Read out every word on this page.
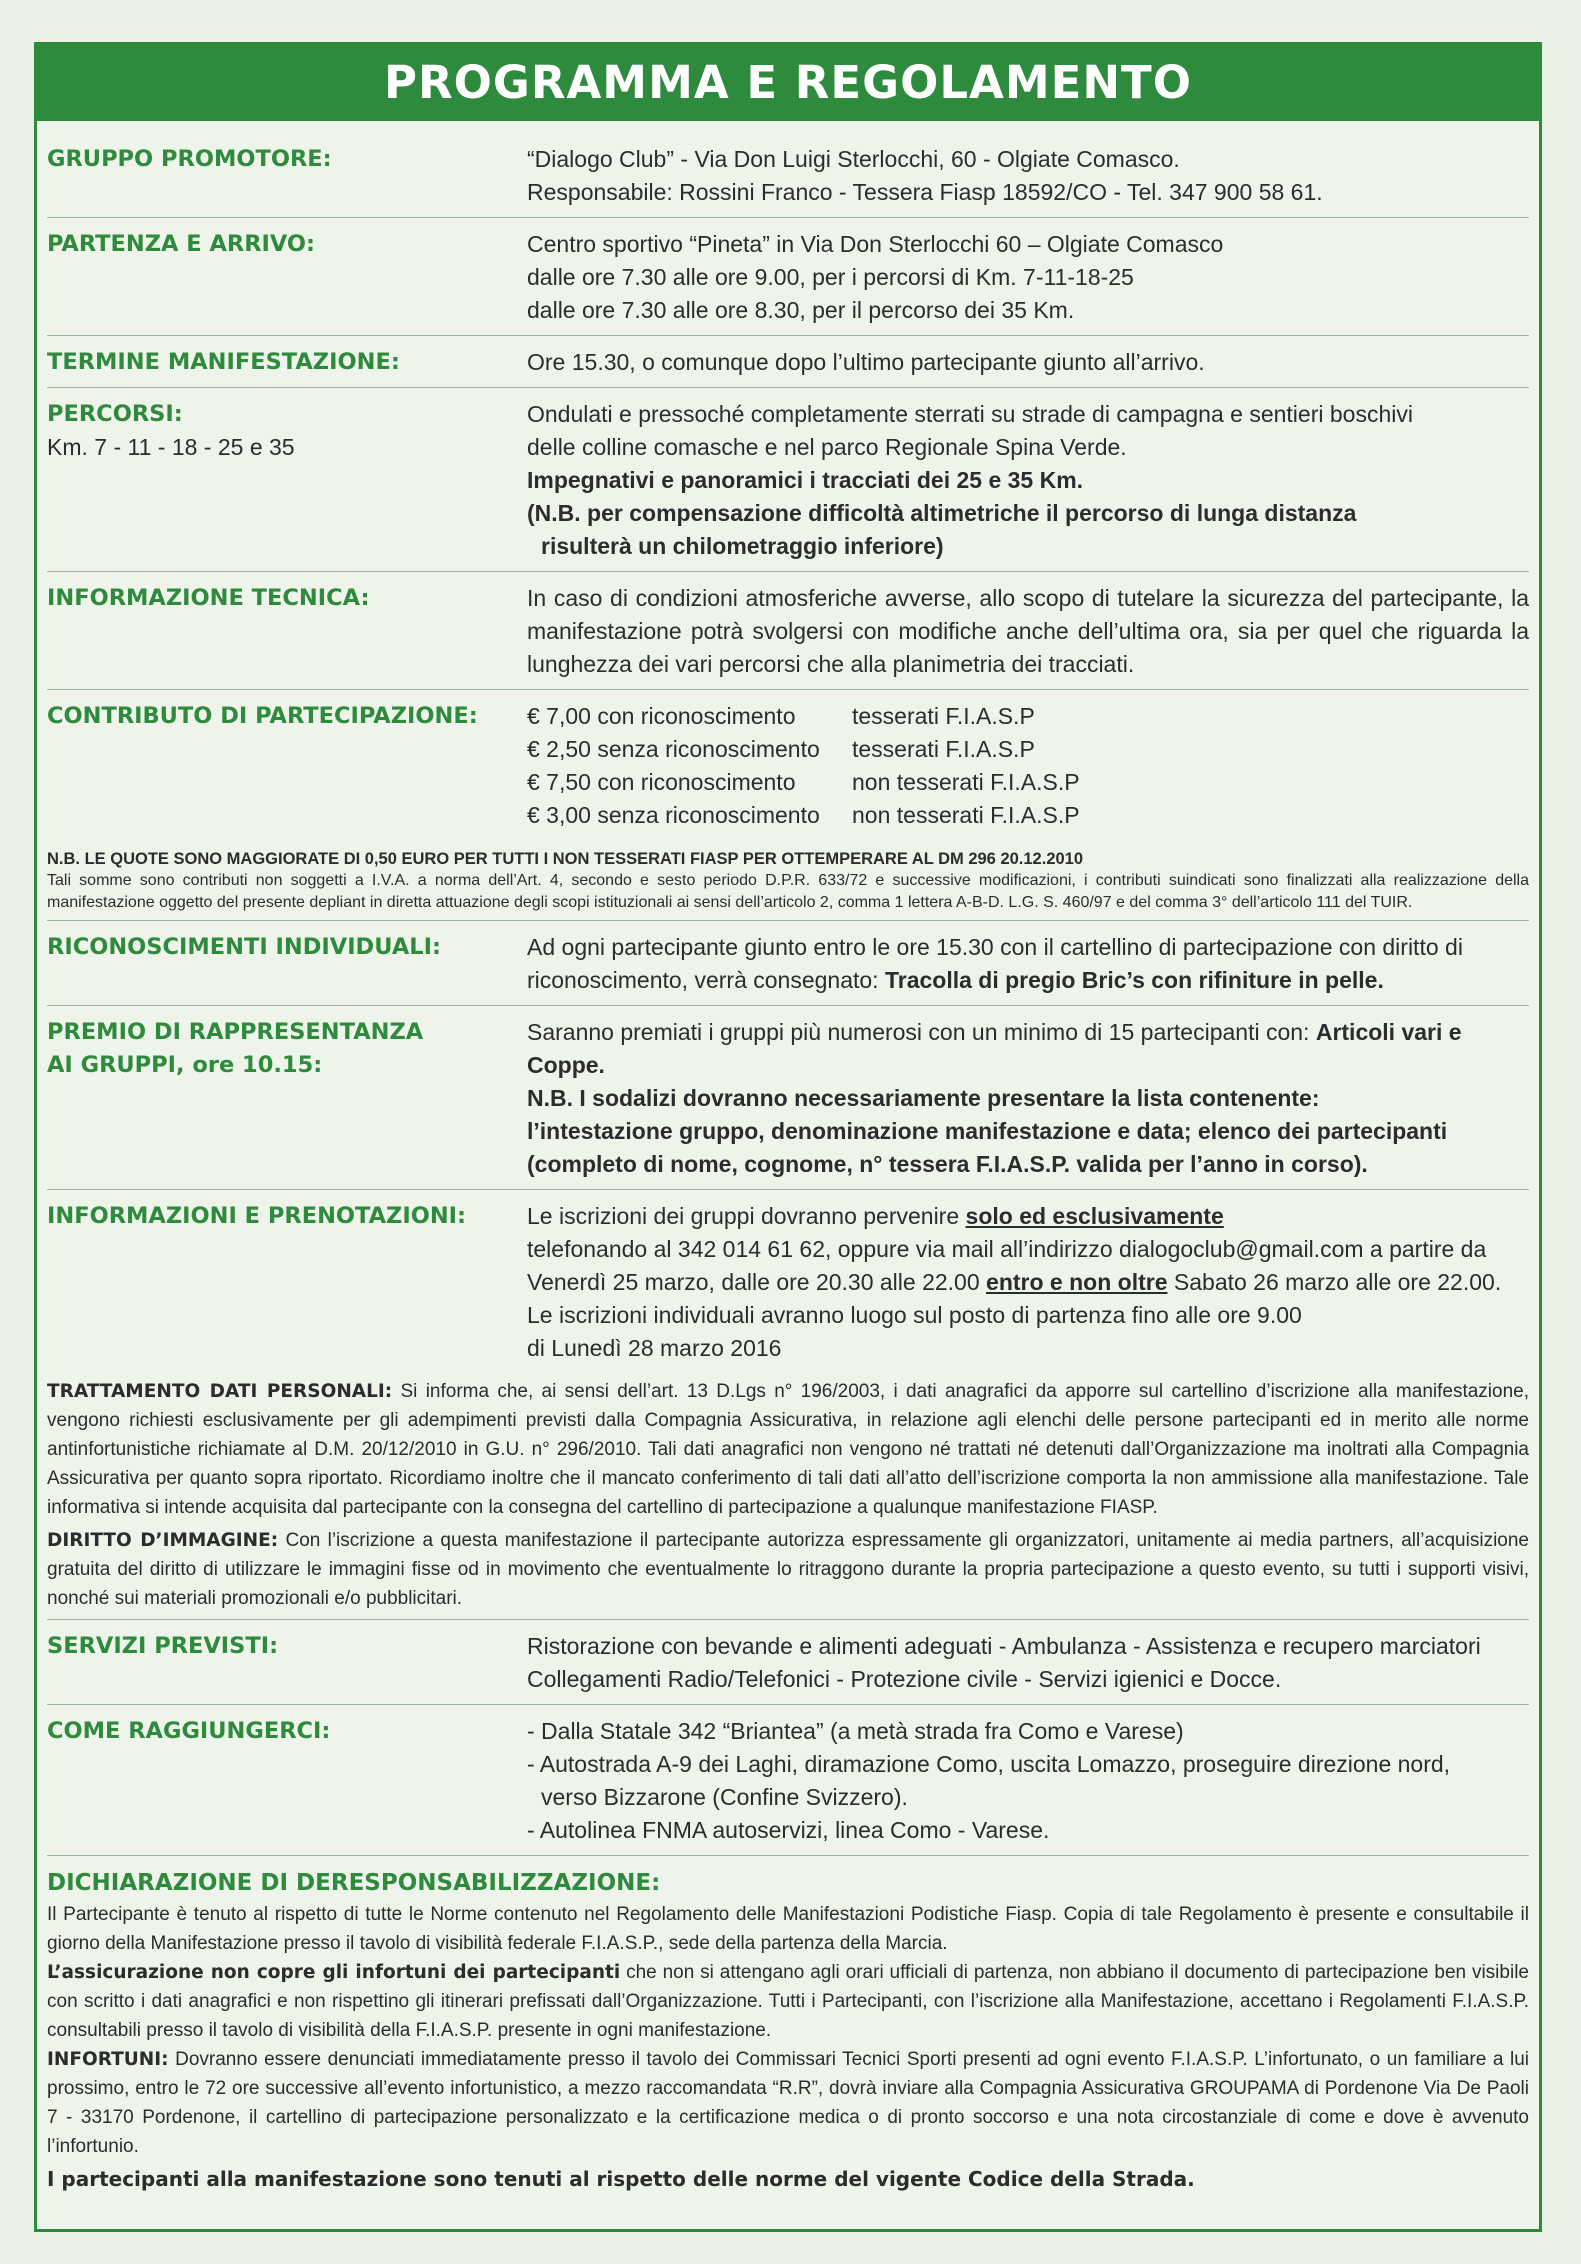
PROGRAMMA E REGOLAMENTO
GRUPPO PROMOTORE:	“Dialogo Club” - Via Don Luigi Sterlocchi, 60 - Olgiate Comasco.
Responsabile: Rossini Franco - Tessera Fiasp 18592/CO - Tel. 347 900 58 61.
PARTENZA E ARRIVO:	Centro sportivo “Pineta” in Via Don Sterlocchi 60 – Olgiate Comasco
dalle ore 7.30 alle ore 9.00, per i percorsi di Km. 7-11-18-25
dalle ore 7.30 alle ore 8.30, per il percorso dei 35 Km.
TERMINE MANIFESTAZIONE:	Ore 15.30, o comunque dopo l’ultimo partecipante giunto all’arrivo.
PERCORSI:
Km. 7 - 11 - 18 - 25 e 35
Ondulati e pressoché completamente sterrati su strade di campagna e sentieri boschivi
delle colline comasche e nel parco Regionale Spina Verde.
Impegnativi e panoramici i tracciati dei 25 e 35 Km.
(N.B. per compensazione difficoltà altimetriche il percorso di lunga distanza
risulterà un chilometraggio inferiore)
INFORMAZIONE TECNICA:	In caso di condizioni atmosferiche avverse, allo scopo di tutelare la sicurezza del partecipante, la manifestazione potrà svolgersi con modifiche anche dell’ultima ora, sia per quel che riguarda la lunghezza dei vari percorsi che alla planimetria dei tracciati.
CONTRIBUTO DI PARTECIPAZIONE:	€ 7,00 con riconoscimento	tesserati F.I.A.S.P
€ 2,50 senza riconoscimento	tesserati F.I.A.S.P
€ 7,50 con riconoscimento	non tesserati F.I.A.S.P
€ 3,00 senza riconoscimento	non tesserati F.I.A.S.P
N.B. LE QUOTE SONO MAGGIORATE DI 0,50 EURO PER TUTTI I NON TESSERATI FIASP PER OTTEMPERARE AL DM 296 20.12.2010
Tali somme sono contributi non soggetti a I.V.A. a norma dell’Art. 4, secondo e sesto periodo D.P.R. 633/72 e successive modificazioni, i contributi suindicati sono finalizzati alla realizzazione della manifestazione oggetto del presente depliant in diretta attuazione degli scopi istituzionali ai sensi dell’articolo 2, comma 1 lettera A-B-D. L.G. S. 460/97 e del comma 3° dell’articolo 111 del TUIR.
RICONOSCIMENTI INDIVIDUALI:	Ad ogni partecipante giunto entro le ore 15.30 con il cartellino di partecipazione con diritto di riconoscimento, verrà consegnato: Tracolla di pregio Bric’s con rifiniture in pelle.
PREMIO DI RAPPRESENTANZA
AI GRUPPI, ore 10.15:
Saranno premiati i gruppi più numerosi con un minimo di 15 partecipanti con: Articoli vari e Coppe.
N.B. I sodalizi dovranno necessariamente presentare la lista contenente:
l’intestazione gruppo, denominazione manifestazione e data; elenco dei partecipanti
(completo di nome, cognome, n° tessera F.I.A.S.P. valida per l’anno in corso).
INFORMAZIONI E PRENOTAZIONI:	Le iscrizioni dei gruppi dovranno pervenire solo ed esclusivamente
telefonando al 342 014 61 62, oppure via mail all’indirizzo dialogoclub@gmail.com a partire da
Venerdì 25 marzo, dalle ore 20.30 alle 22.00 entro e non oltre Sabato 26 marzo alle ore 22.00.
Le iscrizioni individuali avranno luogo sul posto di partenza fino alle ore 9.00
di Lunedì 28 marzo 2016
TRATTAMENTO DATI PERSONALI: Si informa che, ai sensi dell’art. 13 D.Lgs n° 196/2003, i dati anagrafici da apporre sul cartellino d’iscrizione alla manifestazione, vengono richiesti esclusivamente per gli adempimenti previsti dalla Compagnia Assicurativa, in relazione agli elenchi delle persone partecipanti ed in merito alle norme antinfortunistiche richiamate al D.M. 20/12/2010 in G.U. n° 296/2010. Tali dati anagrafici non vengono né trattati né detenuti dall’Organizzazione ma inoltrati alla Compagnia Assicurativa per quanto sopra riportato. Ricordiamo inoltre che il mancato conferimento di tali dati all’atto dell’iscrizione comporta la non ammissione alla manifestazione. Tale informativa si intende acquisita dal partecipante con la consegna del cartellino di partecipazione a qualunque manifestazione FIASP.
DIRITTO D’IMMAGINE: Con l’iscrizione a questa manifestazione il partecipante autorizza espressamente gli organizzatori, unitamente ai media partners, all’acquisizione gratuita del diritto di utilizzare le immagini fisse od in movimento che eventualmente lo ritraggono durante la propria partecipazione a questo evento, su tutti i supporti visivi, nonché sui materiali promozionali e/o pubblicitari.
SERVIZI PREVISTI:	Ristorazione con bevande e alimenti adeguati - Ambulanza - Assistenza e recupero marciatori
Collegamenti Radio/Telefonici - Protezione civile - Servizi igienici e Docce.
COME RAGGIUNGERCI:	- Dalla Statale 342 “Briantea” (a metà strada fra Como e Varese)
- Autostrada A-9 dei Laghi, diramazione Como, uscita Lomazzo, proseguire direzione nord,
verso Bizzarone (Confine Svizzero).
- Autolinea FNMA autoservizi, linea Como - Varese.
DICHIARAZIONE DI DERESPONSABILIZZAZIONE:
Il Partecipante è tenuto al rispetto di tutte le Norme contenuto nel Regolamento delle Manifestazioni Podistiche Fiasp. Copia di tale Regolamento è presente e consultabile il giorno della Manifestazione presso il tavolo di visibilità federale F.I.A.S.P., sede della partenza della Marcia.
L’assicurazione non copre gli infortuni dei partecipanti che non si attengano agli orari ufficiali di partenza, non abbiano il documento di partecipazione ben visibile con scritto i dati anagrafici e non rispettino gli itinerari prefissati dall’Organizzazione. Tutti i Partecipanti, con l’iscrizione alla Manifestazione, accettano i Regolamenti F.I.A.S.P. consultabili presso il tavolo di visibilità della F.I.A.S.P. presente in ogni manifestazione.
INFORTUNI: Dovranno essere denunciati immediatamente presso il tavolo dei Commissari Tecnici Sporti presenti ad ogni evento F.I.A.S.P. L’infortunato, o un familiare a lui prossimo, entro le 72 ore successive all’evento infortunistico, a mezzo raccomandata “R.R”, dovrà inviare alla Compagnia Assicurativa GROUPAMA di Pordenone Via De Paoli 7 - 33170 Pordenone, il cartellino di partecipazione personalizzato e la certificazione medica o di pronto soccorso e una nota circostanziale di come e dove è avvenuto l’infortunio.
I partecipanti alla manifestazione sono tenuti al rispetto delle norme del vigente Codice della Strada.
